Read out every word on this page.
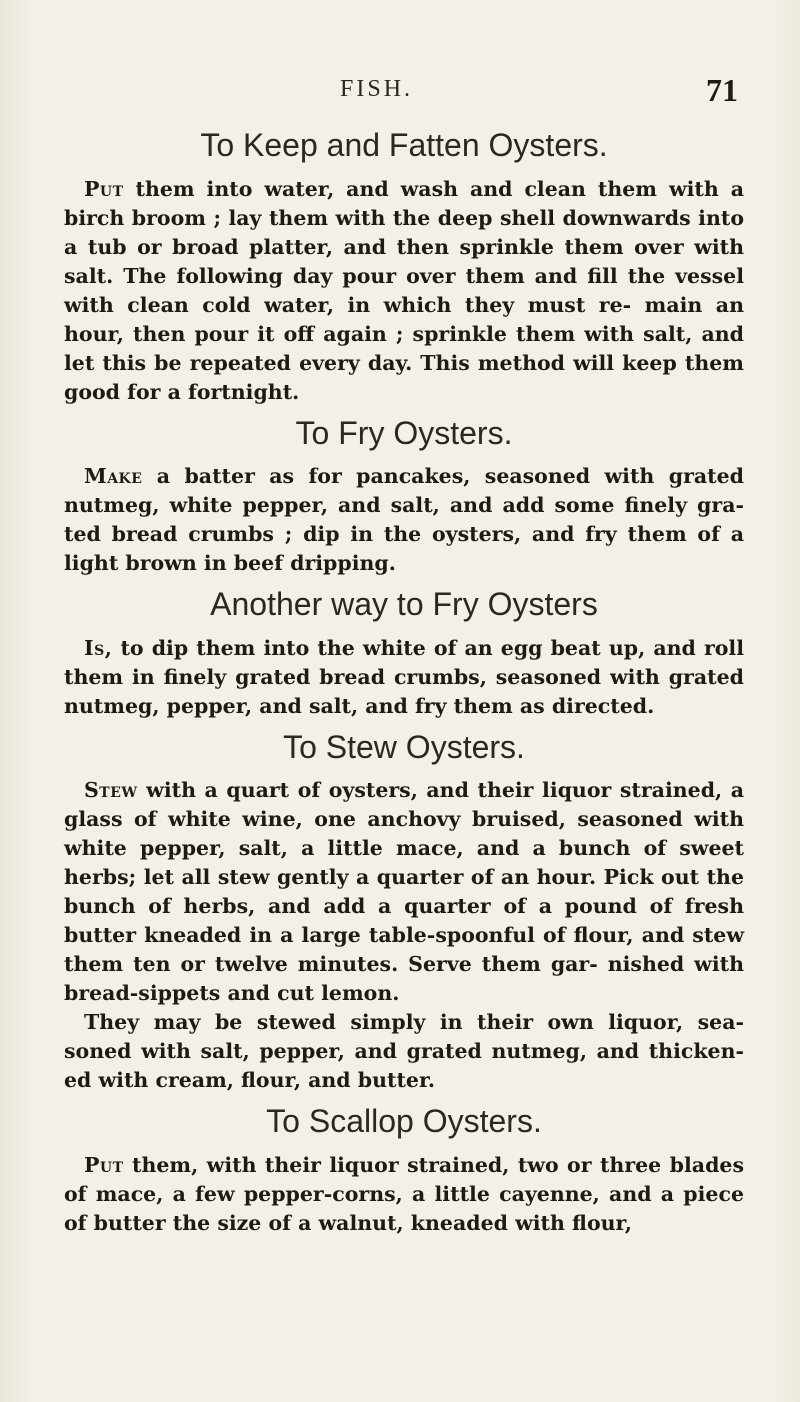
FISH.	71
To Keep and Fatten Oysters.

Put them into water, and wash and clean them with a birch broom ; lay them with the deep shell downwards into a tub or broad platter, and then sprinkle them over with salt. The following day pour over them and fill the vessel with clean cold water, in which they must re- main an hour, then pour it off again ; sprinkle them with salt, and let this be repeated every day. This method will keep them good for a fortnight.

To Fry Oysters.

Make a batter as for pancakes, seasoned with grated nutmeg, white pepper, and salt, and add some finely gra- ted bread crumbs ; dip in the oysters, and fry them of a light brown in beef dripping.

Another way to Fry Oysters

Is, to dip them into the white of an egg beat up, and roll them in finely grated bread crumbs, seasoned with grated nutmeg, pepper, and salt, and fry them as directed.

To Stew Oysters.

Stew with a quart of oysters, and their liquor strained, a glass of white wine, one anchovy bruised, seasoned with white pepper, salt, a little mace, and a bunch of sweet herbs; let all stew gently a quarter of an hour. Pick out the bunch of herbs, and add a quarter of a pound of fresh butter kneaded in a large table-spoonful of flour, and stew them ten or twelve minutes. Serve them gar- nished with bread-sippets and cut lemon.

They may be stewed simply in their own liquor, sea- soned with salt, pepper, and grated nutmeg, and thicken- ed with cream, flour, and butter.

To Scallop Oysters.

Put them, with their liquor strained, two or three blades of mace, a few pepper-corns, a little cayenne, and a piece of butter the size of a walnut, kneaded with flour,
